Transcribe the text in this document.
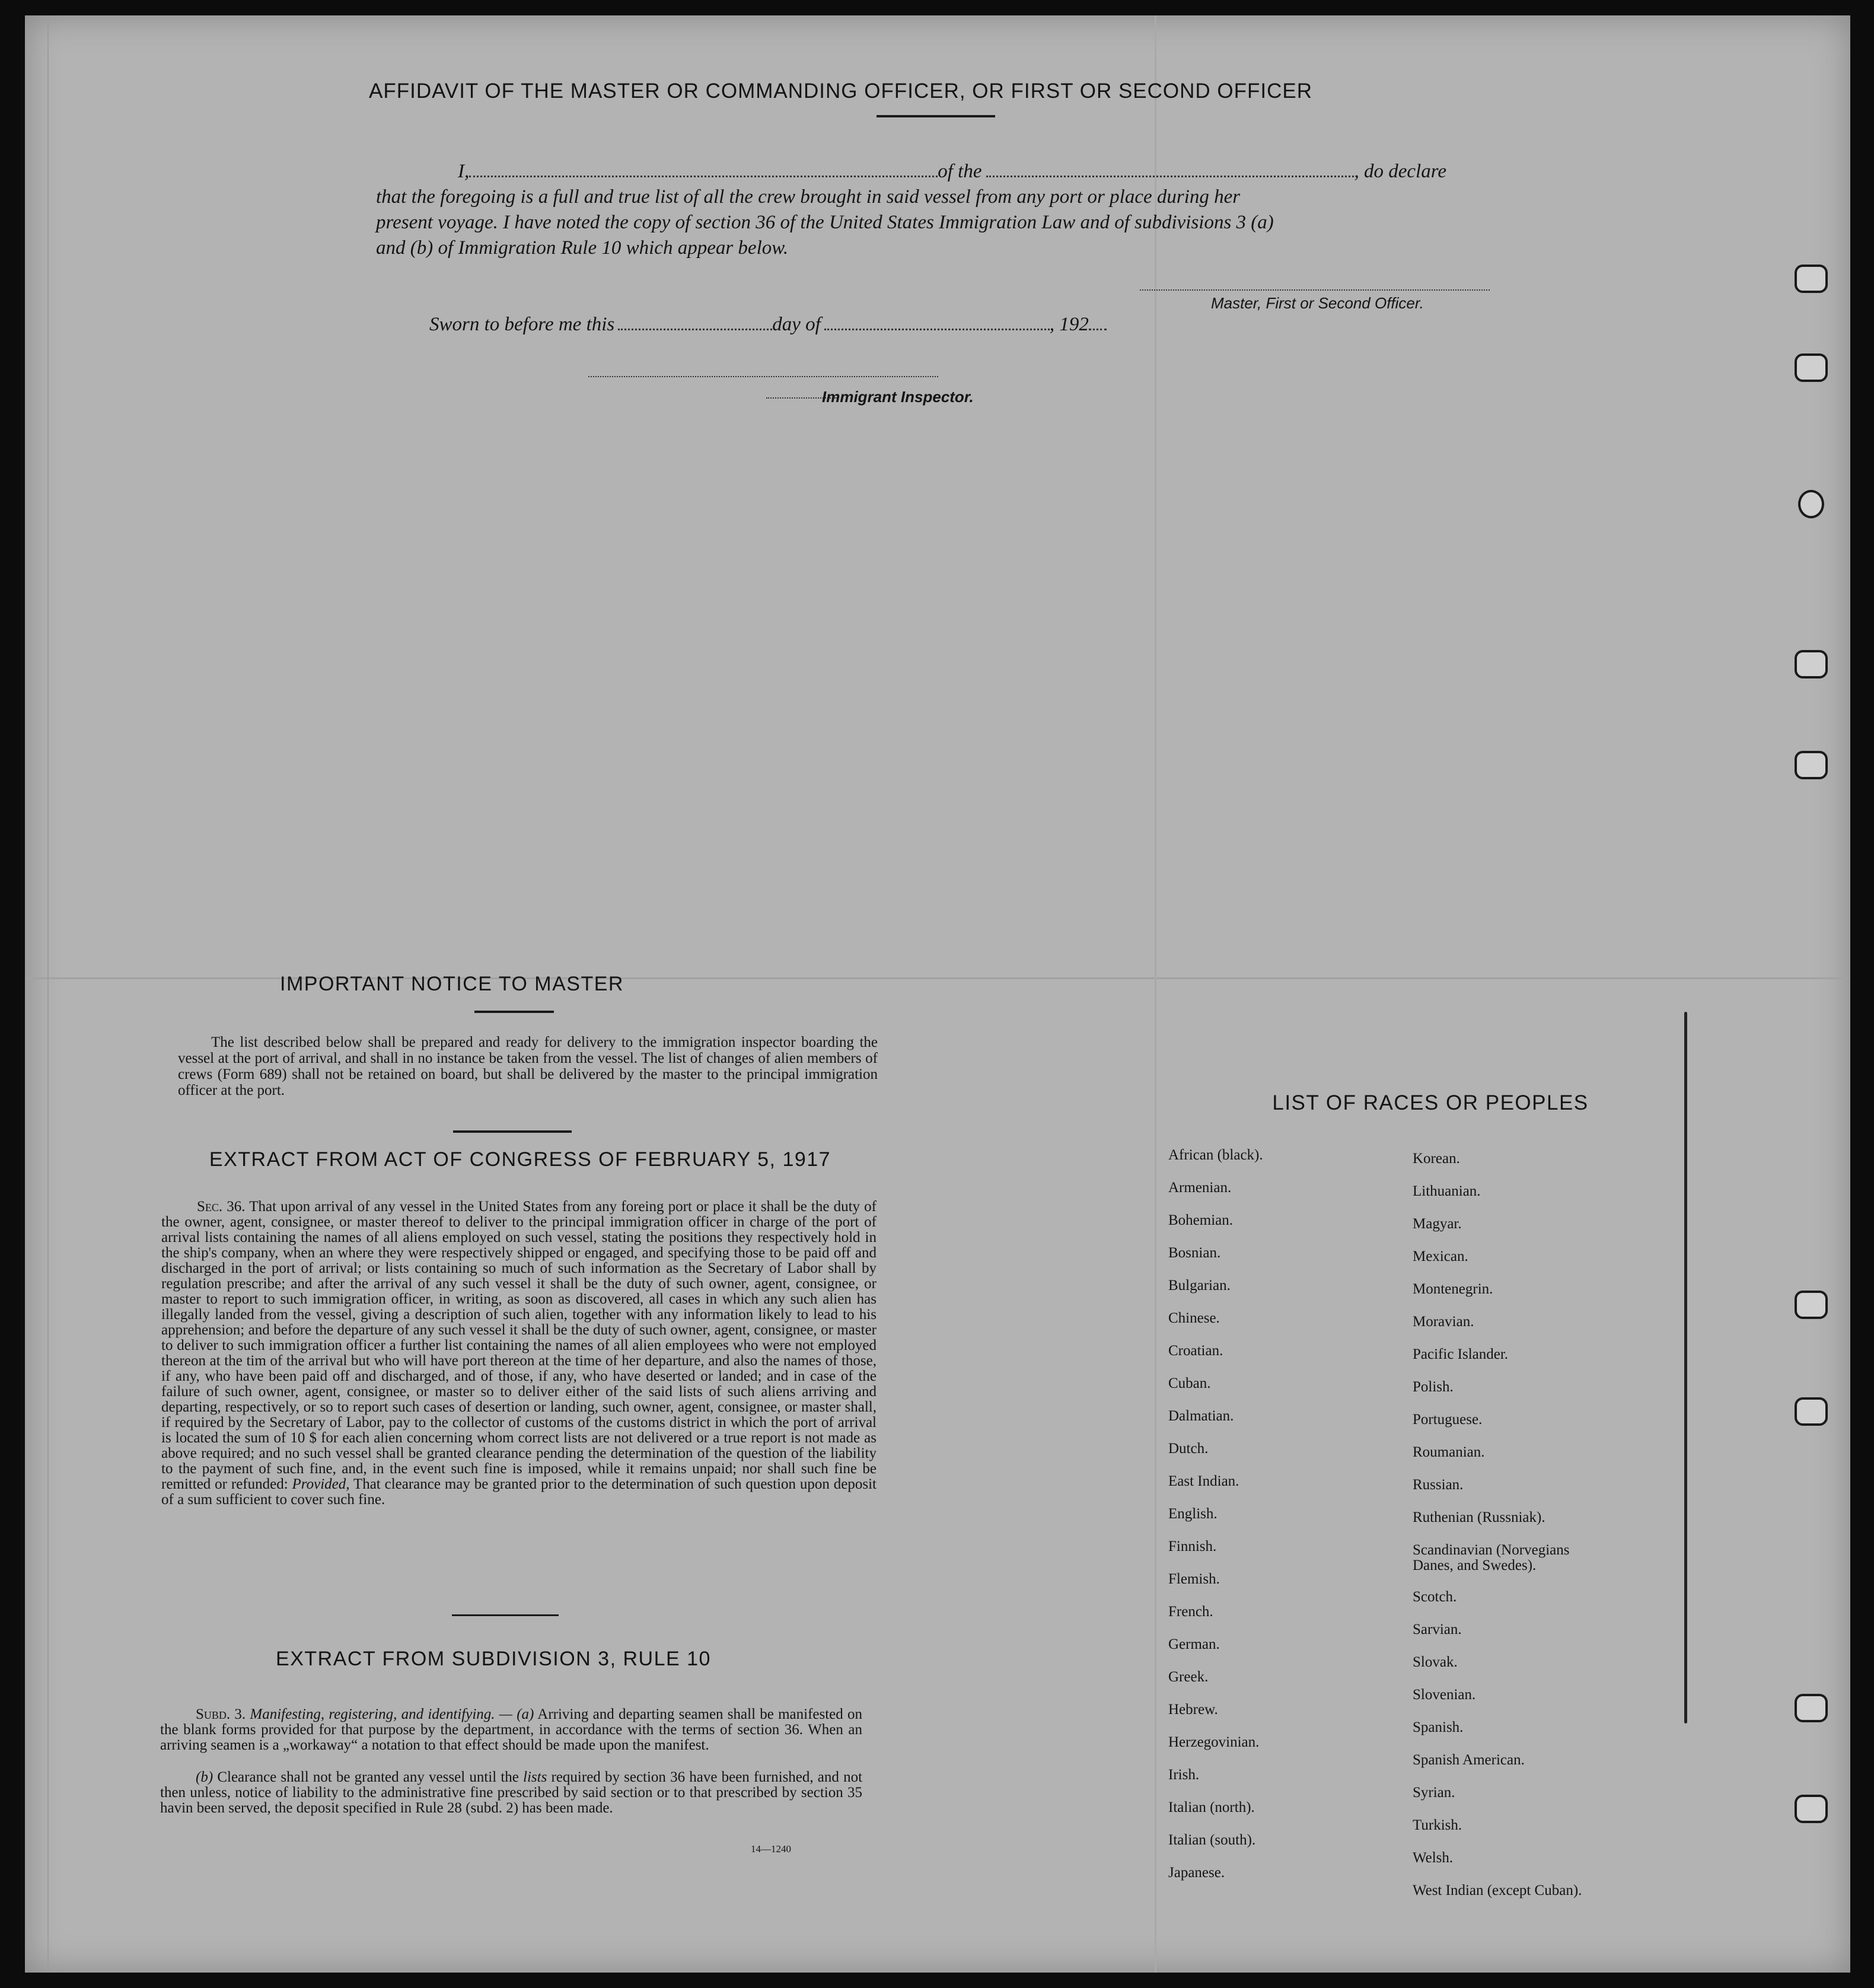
AFFIDAVIT OF THE MASTER OR COMMANDING OFFICER, OR FIRST OR SECOND OFFICER
I,	of the	, do declare
that the foregoing is a full and true list of all the crew brought in said vessel from any port or place during her
present voyage. I have noted the copy of section 36 of the United States Immigration Law and of subdivisions 3 (a)
and (b) of Immigration Rule 10 which appear below.
Master, First or Second Officer.
Sworn to before me this	day of	, 192
Immigrant Inspector.
IMPORTANT NOTICE TO MASTER
The list described below shall be prepared and ready for delivery to the immigration inspector boarding the vessel at the port of arrival, and shall in no instance be taken from the vessel. The list of changes of alien members of crews (Form 689) shall not be retained on board, but shall be delivered by the master to the principal immigration officer at the port.
EXTRACT FROM ACT OF CONGRESS OF FEBRUARY 5, 1917
Sec. 36. That upon arrival of any vessel in the United States from any foreing port or place it shall be the duty of the owner, agent, consignee, or master thereof to deliver to the principal immigration officer in charge of the port of arrival lists containing the names of all aliens employed on such vessel, stating the positions they respectively hold in the ship's company, when an where they were respectively shipped or engaged, and specifying those to be paid off and discharged in the port of arrival; or lists containing so much of such information as the Secretary of Labor shall by regulation prescribe; and after the arrival of any such vessel it shall be the duty of such owner, agent, consignee, or master to report to such immigration officer, in writing, as soon as discovered, all cases in which any such alien has illegally landed from the vessel, giving a description of such alien, together with any information likely to lead to his apprehension; and before the departure of any such vessel it shall be the duty of such owner, agent, consignee, or master to deliver to such immigration officer a further list containing the names of all alien employees who were not employed thereon at the tim of the arrival but who will have port thereon at the time of her departure, and also the names of those, if any, who have been paid off and discharged, and of those, if any, who have deserted or landed; and in case of the failure of such owner, agent, consignee, or master so to deliver either of the said lists of such aliens arriving and departing, respectively, or so to report such cases of desertion or landing, such owner, agent, consignee, or master shall, if required by the Secretary of Labor, pay to the collector of customs of the customs district in which the port of arrival is located the sum of 10 $ for each alien concerning whom correct lists are not delivered or a true report is not made as above required; and no such vessel shall be granted clearance pending the determination of the question of the liability to the payment of such fine, and, in the event such fine is imposed, while it remains unpaid; nor shall such fine be remitted or refunded: Provided, That clearance may be granted prior to the determination of such question upon deposit of a sum sufficient to cover such fine.
EXTRACT FROM SUBDIVISION 3, RULE 10
Subd. 3. Manifesting, registering, and identifying. — (a) Arriving and departing seamen shall be manifested on the blank forms provided for that purpose by the department, in accordance with the terms of section 36. When an arriving seamen is a „workaway“ a notation to that effect should be made upon the manifest.
(b) Clearance shall not be granted any vessel until the lists required by section 36 have been furnished, and not then unless, notice of liability to the administrative fine prescribed by said section or to that prescribed by section 35 havin been served, the deposit specified in Rule 28 (subd. 2) has been made.
14—1240
LIST OF RACES OR PEOPLES
African (black).
Armenian.
Bohemian.
Bosnian.
Bulgarian.
Chinese.
Croatian.
Cuban.
Dalmatian.
Dutch.
East Indian.
English.
Finnish.
Flemish.
French.
German.
Greek.
Hebrew.
Herzegovinian.
Irish.
Italian (north).
Italian (south).
Japanese.
Korean.
Lithuanian.
Magyar.
Mexican.
Montenegrin.
Moravian.
Pacific Islander.
Polish.
Portuguese.
Roumanian.
Russian.
Ruthenian (Russniak).
Scandinavian (Norvegians
Danes, and Swedes).
Scotch.
Sarvian.
Slovak.
Slovenian.
Spanish.
Spanish American.
Syrian.
Turkish.
Welsh.
West Indian (except Cuban).
